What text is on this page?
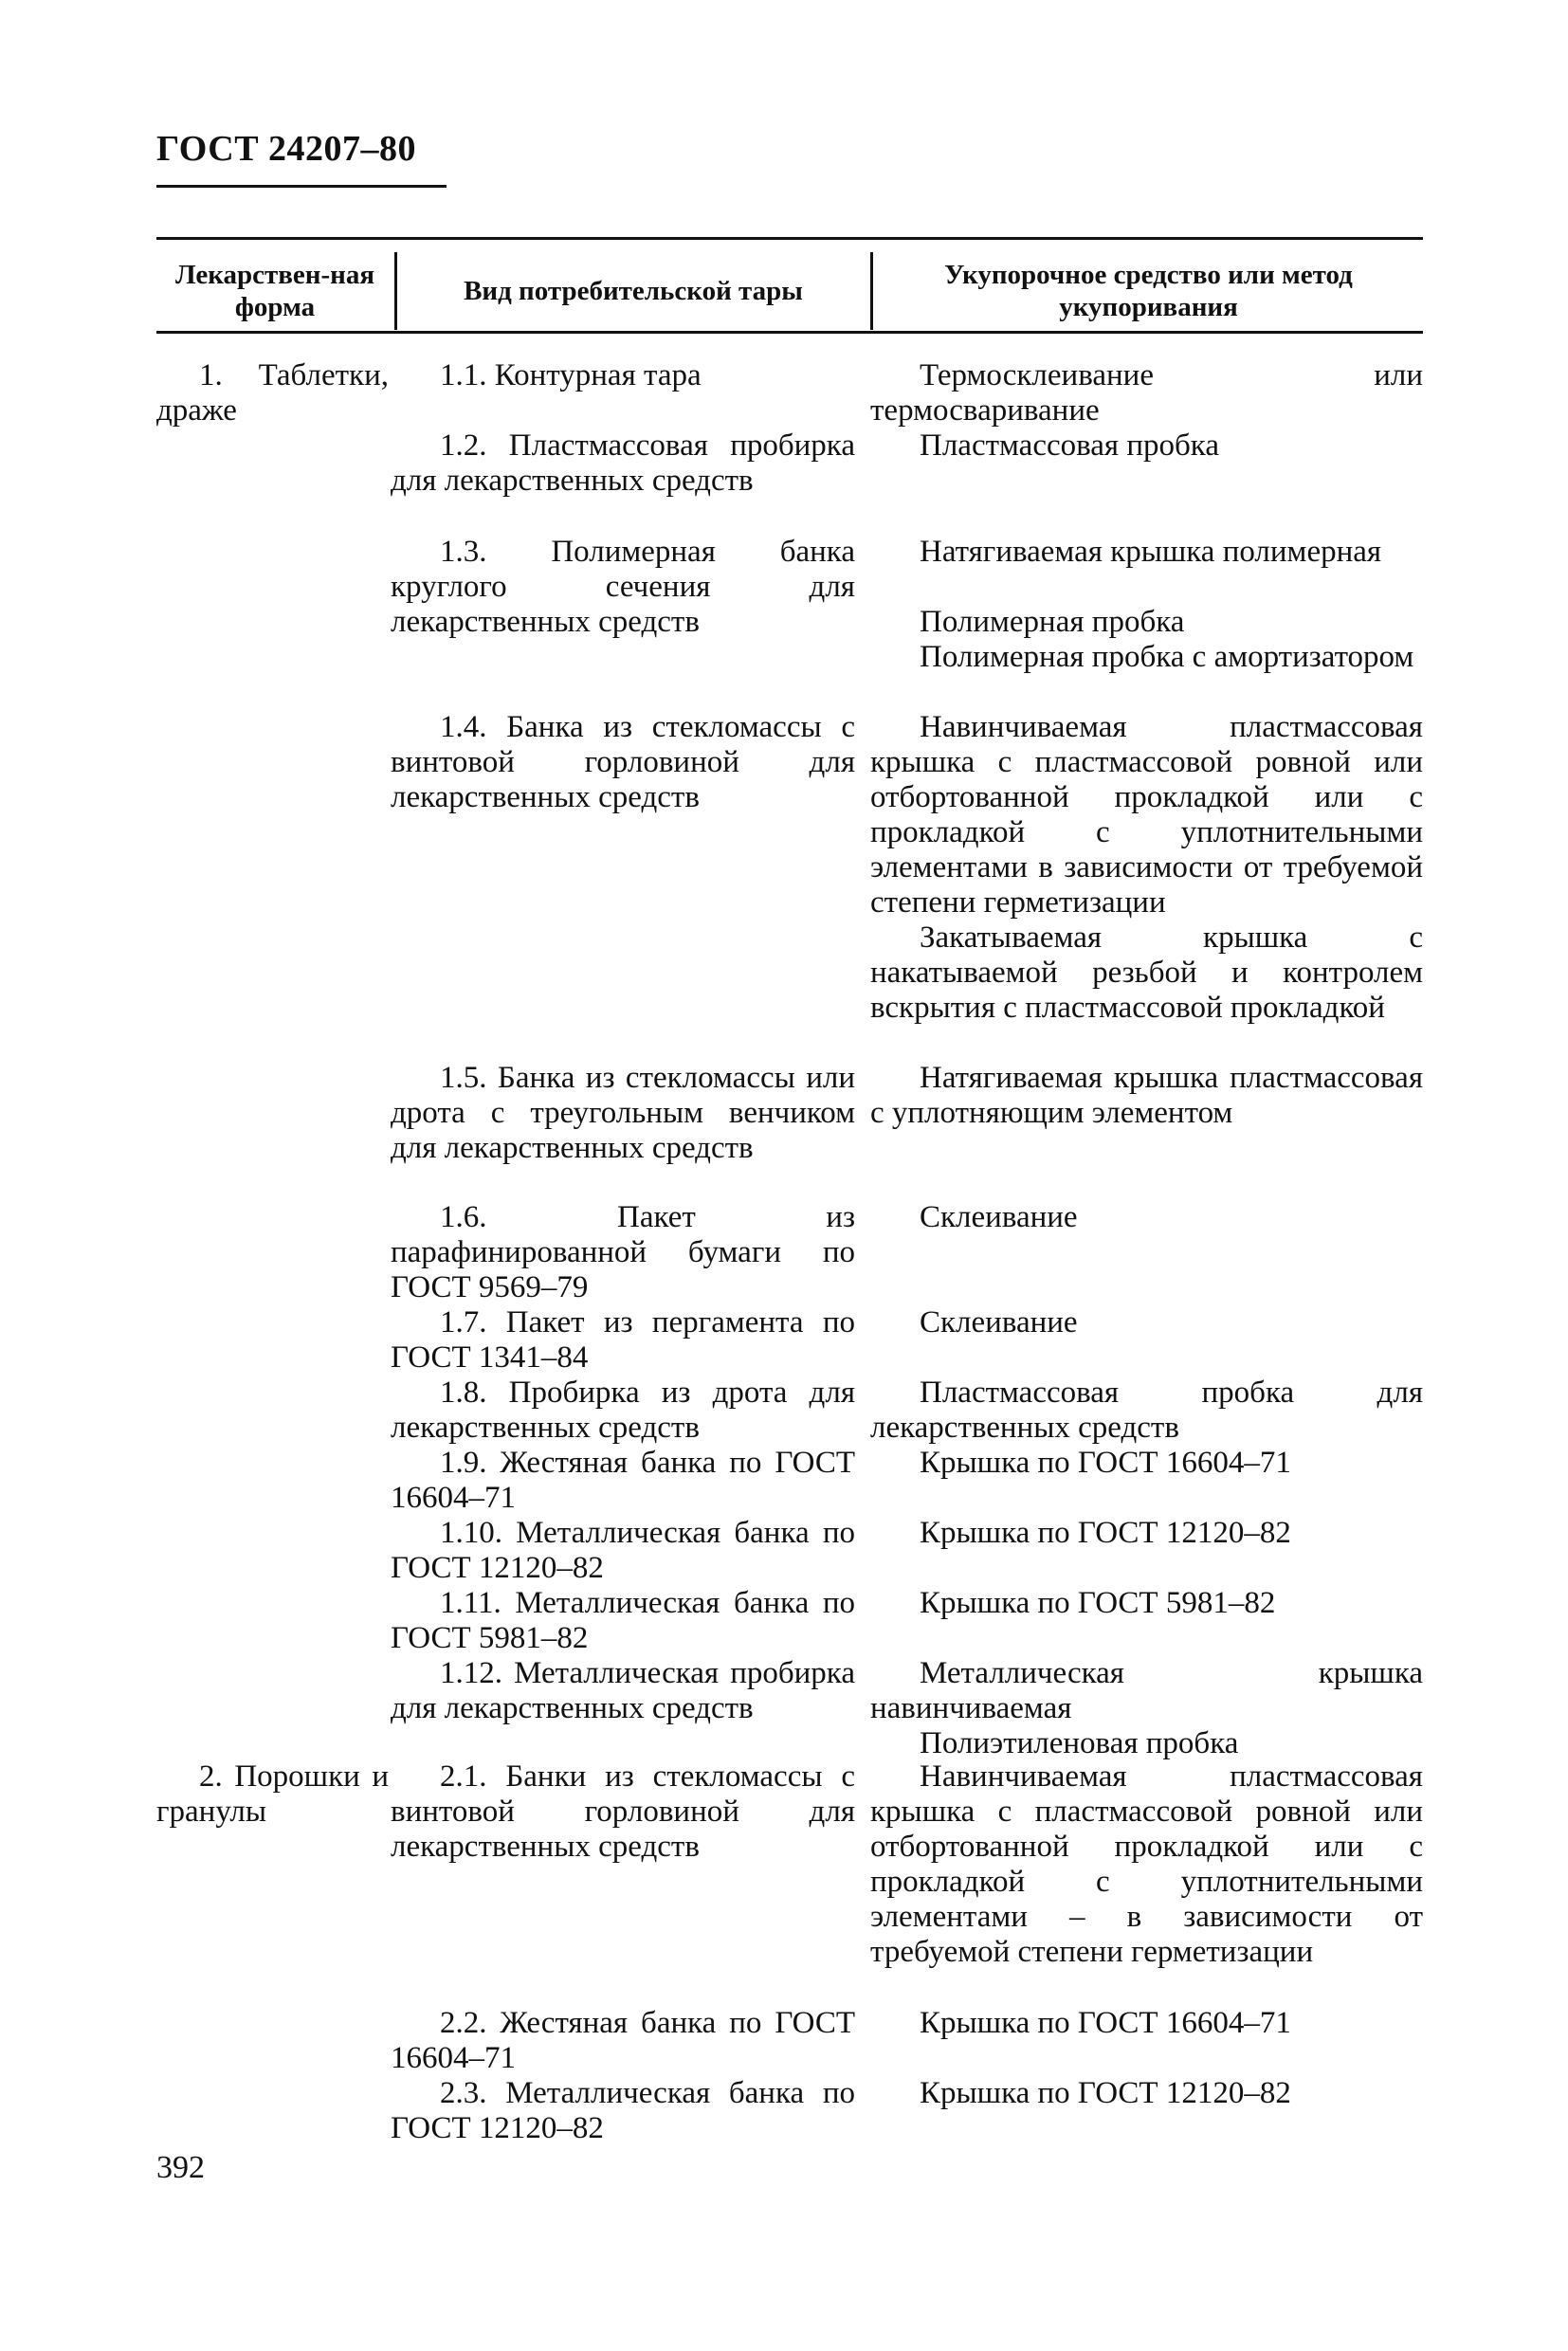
ГОСТ 24207–80
Лекарствен-ная форма
Вид потребительской тары
Укупорочное средство или метод укупоривания
1. Таблетки, драже
2. Порошки и гранулы
1.1. Контурная тара
1.2. Пластмассовая пробирка для лекарственных средств
1.3. Полимерная банка круглого сечения для лекарственных средств
1.4. Банка из стекломассы с винтовой горловиной для лекарственных средств
1.5. Банка из стекломассы или дрота с треугольным венчиком для лекарственных средств
1.6. Пакет из парафинированной бумаги по ГОСТ 9569–79
1.7. Пакет из пергамента по ГОСТ 1341–84
1.8. Пробирка из дрота для лекарственных средств
1.9. Жестяная банка по ГОСТ 16604–71
1.10. Металлическая банка по ГОСТ 12120–82
1.11. Металлическая банка по ГОСТ 5981–82
1.12. Металлическая пробирка для лекарственных средств
2.1. Банки из стекломассы с винтовой горловиной для лекарственных средств
2.2. Жестяная банка по ГОСТ 16604–71
2.3. Металлическая банка по ГОСТ 12120–82
Термосклеивание или термосваривание
Пластмассовая пробка
Натягиваемая крышка полимерная
Полимерная пробка
Полимерная пробка с амортизатором
Навинчиваемая пластмассовая крышка с пластмассовой ровной или отбортованной прокладкой или с прокладкой с уплотнительными элементами в зависимости от требуемой степени герметизации
Закатываемая крышка с накатываемой резьбой и контролем вскрытия с пластмассовой прокладкой
Натягиваемая крышка пластмассовая с уплотняющим элементом
Склеивание
Склеивание
Пластмассовая пробка для лекарственных средств
Крышка по ГОСТ 16604–71
Крышка по ГОСТ 12120–82
Крышка по ГОСТ 5981–82
Металлическая крышка навинчиваемая
Полиэтиленовая пробка
Навинчиваемая пластмассовая крышка с пластмассовой ровной или отбортованной прокладкой или с прокладкой с уплотнительными элементами – в зависимости от требуемой степени герметизации
Крышка по ГОСТ 16604–71
Крышка по ГОСТ 12120–82
392
